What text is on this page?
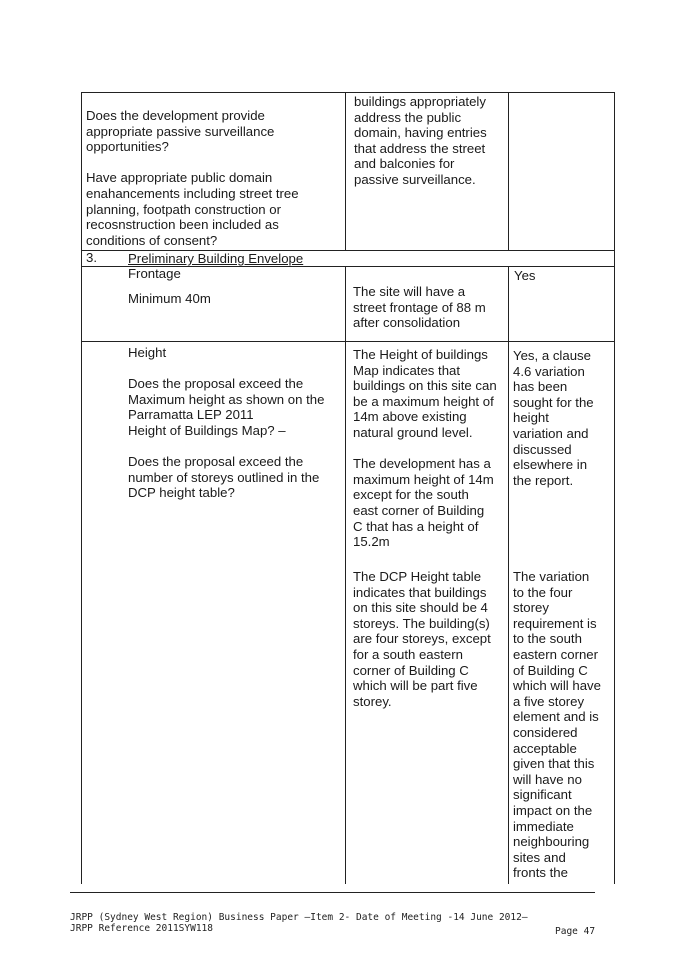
Does the development provide
appropriate passive surveillance
opportunities?

Have appropriate public domain
enahancements including street tree
planning, footpath construction or
recosnstruction been included as
conditions of consent?
buildings appropriately
address the public
domain, having entries
that address the street
and balconies for
passive surveillance.
3. Preliminary Building Envelope
Frontage
Minimum 40m	The site will have a
street frontage of 88 m
after consolidation
Yes
Height
Does the proposal exceed the
Maximum height as shown on the
Parramatta LEP 2011
Height of Buildings Map? –

Does the proposal exceed the
number of storeys outlined in the
DCP height table?
The Height of buildings
Map indicates that
buildings on this site can
be a maximum height of
14m above existing
natural ground level.

The development has a
maximum height of 14m
except for the south
east corner of Building
C that has a height of
15.2m
Yes, a clause
4.6 variation
has been
sought for the
height
variation and
discussed
elsewhere in
the report.
The DCP Height table
indicates that buildings
on this site should be 4
storeys. The building(s)
are four storeys, except
for a south eastern
corner of Building C
which will be part five
storey.
The variation
to the four
storey
requirement is
to the south
eastern corner
of Building C
which will have
a five storey
element and is
considered
acceptable
given that this
will have no
significant
impact on the
immediate
neighbouring
sites and
fronts the
JRPP (Sydney West Region) Business Paper –Item 2- Date of Meeting -14 June 2012–
JRPP Reference 2011SYW118	Page 47
